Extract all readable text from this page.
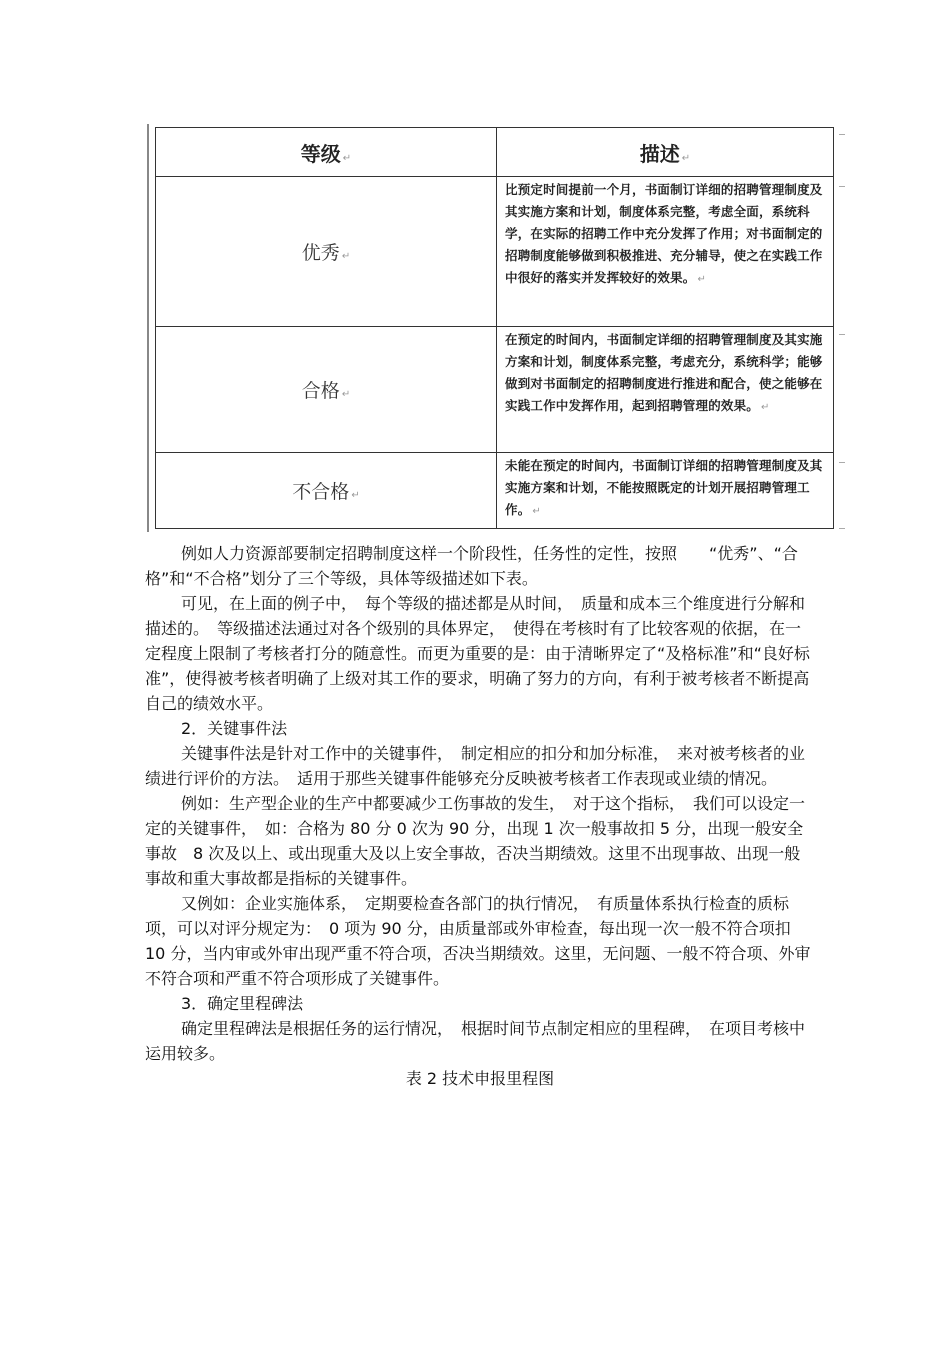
等级 ↵	描述 ↵
优秀 ↵	比预定时间提前一个月，书面制订详细的招聘管理制度及其实施方案和计划，制度体系完整，考虑全面，系统科学，在实际的招聘工作中充分发挥了作用；对书面制定的招聘制度能够做到积极推进、充分辅导，使之在实践工作中很好的落实并发挥较好的效果。 ↵
合格 ↵	在预定的时间内，书面制定详细的招聘管理制度及其实施方案和计划，制度体系完整，考虑充分，系统科学；能够做到对书面制定的招聘制度进行推进和配合，使之能够在实践工作中发挥作用，起到招聘管理的效果。 ↵
不合格 ↵	未能在预定的时间内，书面制订详细的招聘管理制度及其实施方案和计划，不能按照既定的计划开展招聘管理工作。 ↵

例如人力资源部要制定招聘制度这样一个阶段性，任务性的定性，按照　　“优秀”、“合格”和“不合格”划分了三个等级，具体等级描述如下表。

可见，在上面的例子中，　每个等级的描述都是从时间，　质量和成本三个维度进行分解和描述的。　等级描述法通过对各个级别的具体界定，　使得在考核时有了比较客观的依据，在一定程度上限制了考核者打分的随意性。而更为重要的是：由于清晰界定了“及格标准”和“良好标准”，使得被考核者明确了上级对其工作的要求，明确了努力的方向，有利于被考核者不断提高自己的绩效水平。

2．关键事件法

关键事件法是针对工作中的关键事件，　制定相应的扣分和加分标准，　来对被考核者的业绩进行评价的方法。　适用于那些关键事件能够充分反映被考核者工作表现或业绩的情况。

例如：生产型企业的生产中都要减少工伤事故的发生，　对于这个指标，　我们可以设定一定的关键事件，　如：合格为 80 分 0 次为 90 分，出现 1 次一般事故扣 5 分，出现一般安全事故　8 次及以上、或出现重大及以上安全事故，否决当期绩效。这里不出现事故、出现一般事故和重大事故都是指标的关键事件。

又例如：企业实施体系，　定期要检查各部门的执行情况，　有质量体系执行检查的质标项，可以对评分规定为：　0 项为 90 分，由质量部或外审检查，每出现一次一般不符合项扣　10 分，当内审或外审出现严重不符合项，否决当期绩效。这里，无问题、一般不符合项、外审不符合项和严重不符合项形成了关键事件。

3．确定里程碑法

确定里程碑法是根据任务的运行情况，　根据时间节点制定相应的里程碑，　在项目考核中运用较多。

表 2 技术申报里程图
